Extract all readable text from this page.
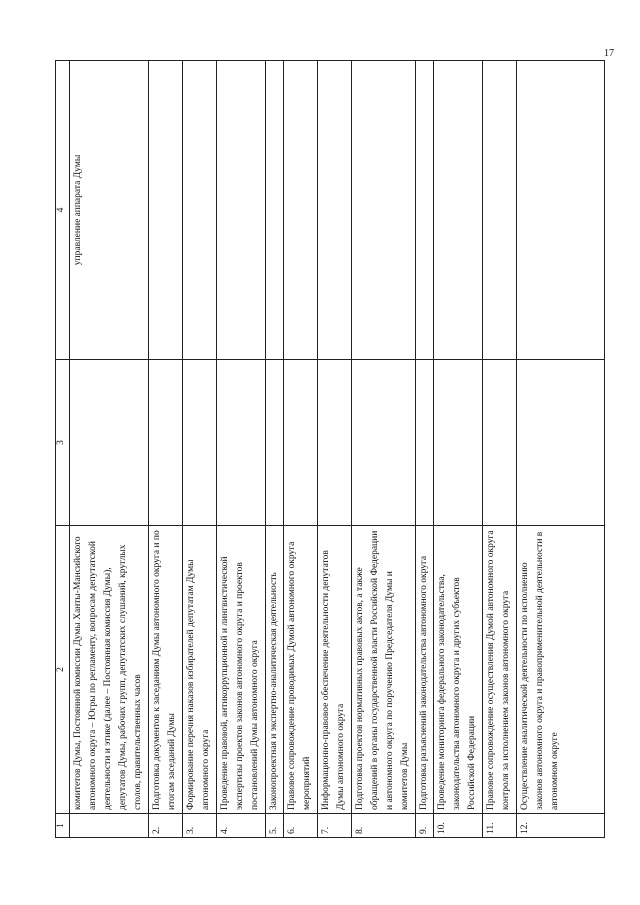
17
1
2
3
4
комитетов Думы, Постоянной комиссии Думы Ханты-Мансийского автономного округа – Югры по регламенту, вопросам депутатской деятельности и этике (далее – Постоянная комиссия Думы), депутатов Думы, рабочих групп, депутатских слушаний, круглых столов, правительственных часов
управление аппарата Думы
2.
Подготовка документов к заседаниям Думы автономного округа и по итогам заседаний Думы
3.
Формирование перечня наказов избирателей депутатам Думы автономного округа
4.
Проведение правовой, антикоррупционной и лингвистической экспертизы проектов законов автономного округа и проектов постановлений Думы автономного округа
5.
Законопроектная и экспертно-аналитическая деятельность
6.
Правовое сопровождение проводимых Думой автономного округа мероприятий
7.
Информационно-правовое обеспечение деятельности депутатов Думы автономного округа
8.
Подготовка проектов нормативных правовых актов, а также обращений в органы государственной власти Российской Федерации и автономного округа по поручению Председателя Думы и комитетов Думы
9.
Подготовка разъяснений законодательства автономного округа
10.
Проведение мониторинга федерального законодательства, законодательства автономного округа и других субъектов Российской Федерации
11.
Правовое сопровождение осуществления Думой автономного округа контроля за исполнением законов автономного округа
12.
Осуществление аналитической деятельности по исполнению законов автономного округа и правоприменительной деятельности в автономном округе
